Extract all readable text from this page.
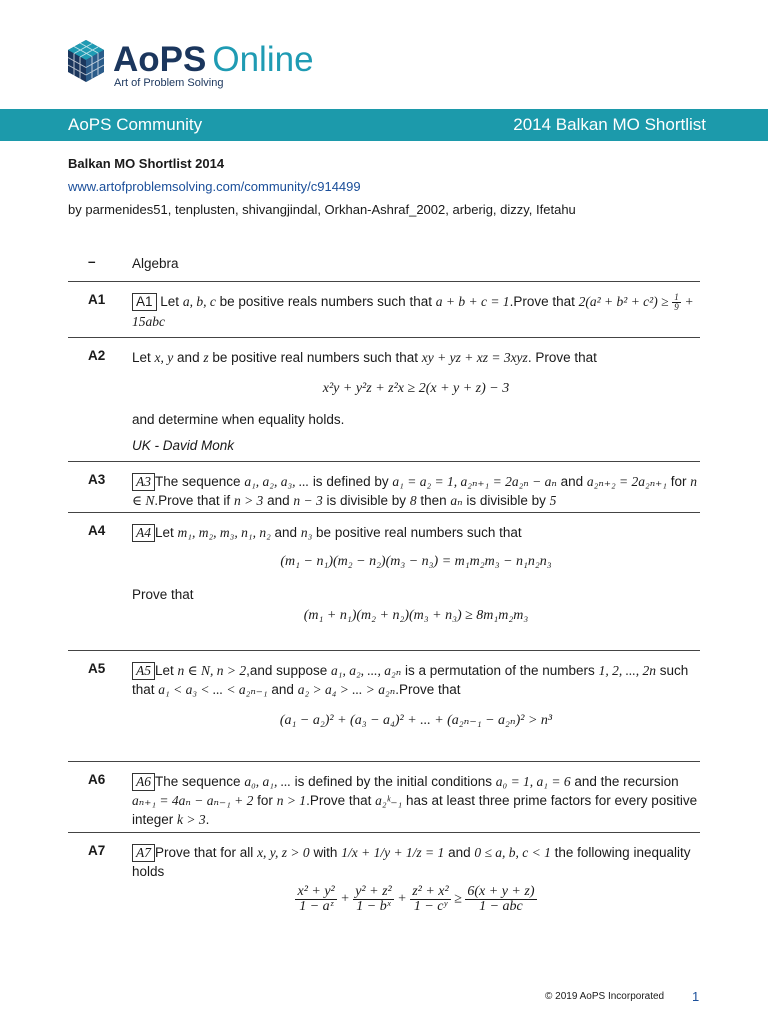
AoPS Online
Art of Problem Solving
AoPS Community	2014 Balkan MO Shortlist
Balkan MO Shortlist 2014
www.artofproblemsolving.com/community/c914499
by parmenides51, tenplusten, shivangjindal, Orkhan-Ashraf_2002, arberig, dizzy, Ifetahu
–	Algebra
A1	A1 Let a, b, c be positive reals numbers such that a + b + c = 1.Prove that $2(a^2 + b^2 + c^2) \ge \frac{1}{9} + 15abc$
A2	Let x, y and z be positive real numbers such that xy + yz + xz = 3xyz. Prove that
x²y + y²z + z²x ≥ 2(x + y + z) − 3
and determine when equality holds.
UK - David Monk
A3	A3 The sequence a₁, a₂, a₃, ... is defined by a₁ = a₂ = 1, a₂ₙ₊₁ = 2a₂ₙ − aₙ and a₂ₙ₊₂ = 2a₂ₙ₊₁ for n ∈ N.Prove that if n > 3 and n − 3 is divisible by 8 then aₙ is divisible by 5
A4	A4 Let m₁, m₂, m₃, n₁, n₂ and n₃ be positive real numbers such that
(m₁ − n₁)(m₂ − n₂)(m₃ − n₃) = m₁m₂m₃ − n₁n₂n₃
Prove that
(m₁ + n₁)(m₂ + n₂)(m₃ + n₃) ≥ 8m₁m₂m₃
A5	A5 Let n ∈ N, n > 2,and suppose a₁, a₂, ..., a₂ₙ is a permutation of the numbers 1, 2, ..., 2n such that a₁ < a₃ < ... < a₂ₙ₋₁ and a₂ > a₄ > ... > a₂ₙ.Prove that
(a₁ − a₂)² + (a₃ − a₄)² + ... + (a₂ₙ₋₁ − a₂ₙ)² > n³
A6	A6 The sequence a₀, a₁, ... is defined by the initial conditions a₀ = 1, a₁ = 6 and the recursion aₙ₊₁ = 4aₙ − aₙ₋₁ + 2 for n > 1.Prove that a₂ᵏ₋₁ has at least three prime factors for every positive integer k > 3.
A7	A7 Prove that for all x, y, z > 0 with 1/x + 1/y + 1/z = 1 and 0 ≤ a, b, c < 1 the following inequality holds
$\frac{\text{x² + y²}}{\text{1 − aᶻ}} + \frac{\text{y² + z²}}{\text{1 − bˣ}} + \frac{\text{z² + x²}}{\text{1 − cʸ}} \ge \frac{6(x + y + z)}{\text{1 − abc}}$
© 2019 AoPS Incorporated 1
